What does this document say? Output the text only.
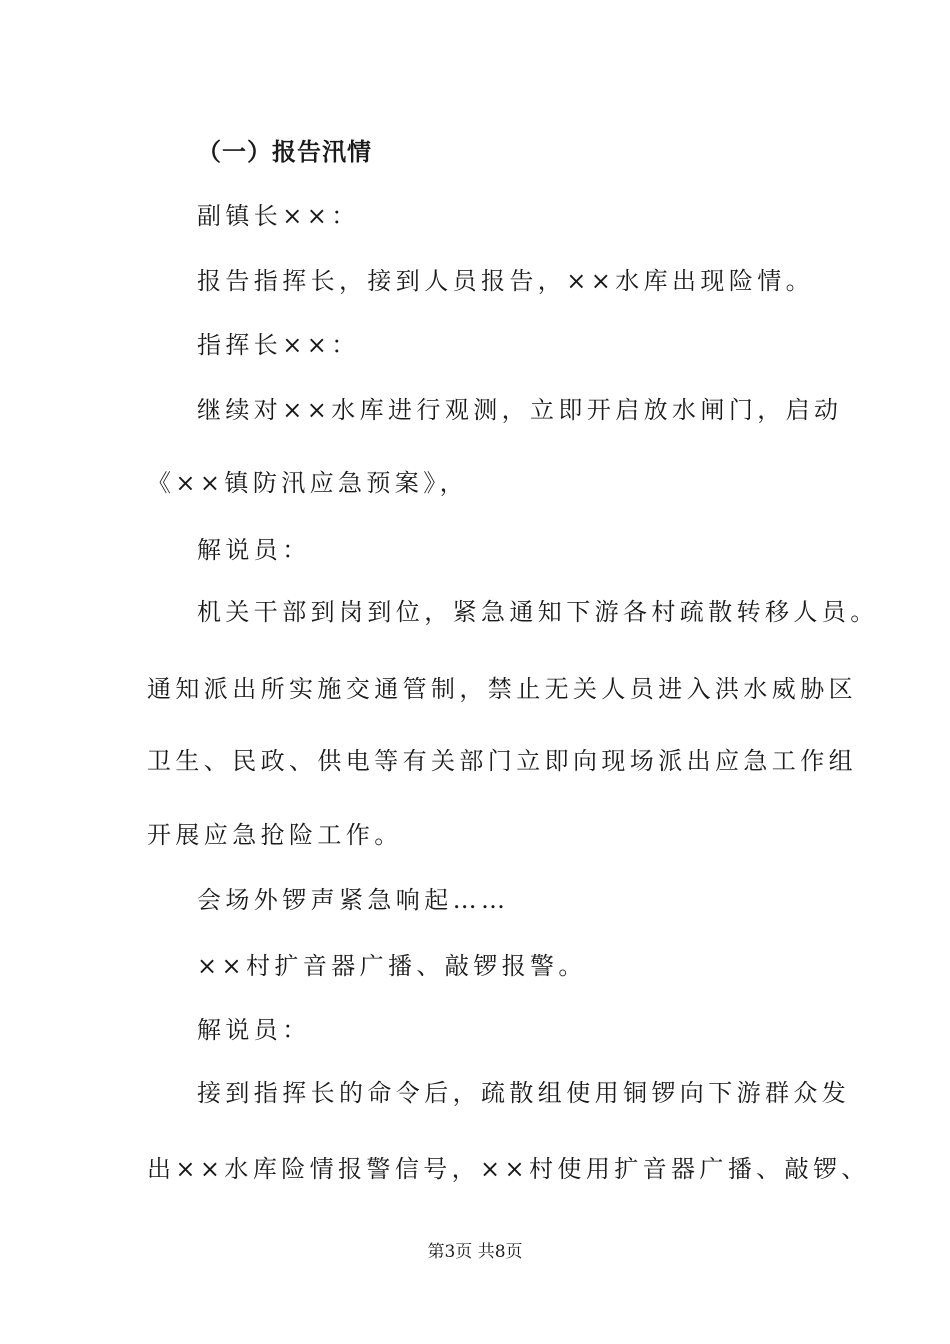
（一）报告汛情
副镇长××：
报告指挥长，接到人员报告，××水库出现险情。
指挥长××：
继续对××水库进行观测，立即开启放水闸门，启动
《××镇防汛应急预案》，
解说员：
机关干部到岗到位，紧急通知下游各村疏散转移人员。
通知派出所实施交通管制，禁止无关人员进入洪水威胁区
卫生、民政、供电等有关部门立即向现场派出应急工作组
开展应急抢险工作。
会场外锣声紧急响起……
××村扩音器广播、敲锣报警。
解说员：
接到指挥长的命令后，疏散组使用铜锣向下游群众发
出××水库险情报警信号，××村使用扩音器广播、敲锣、
第3页 共8页
